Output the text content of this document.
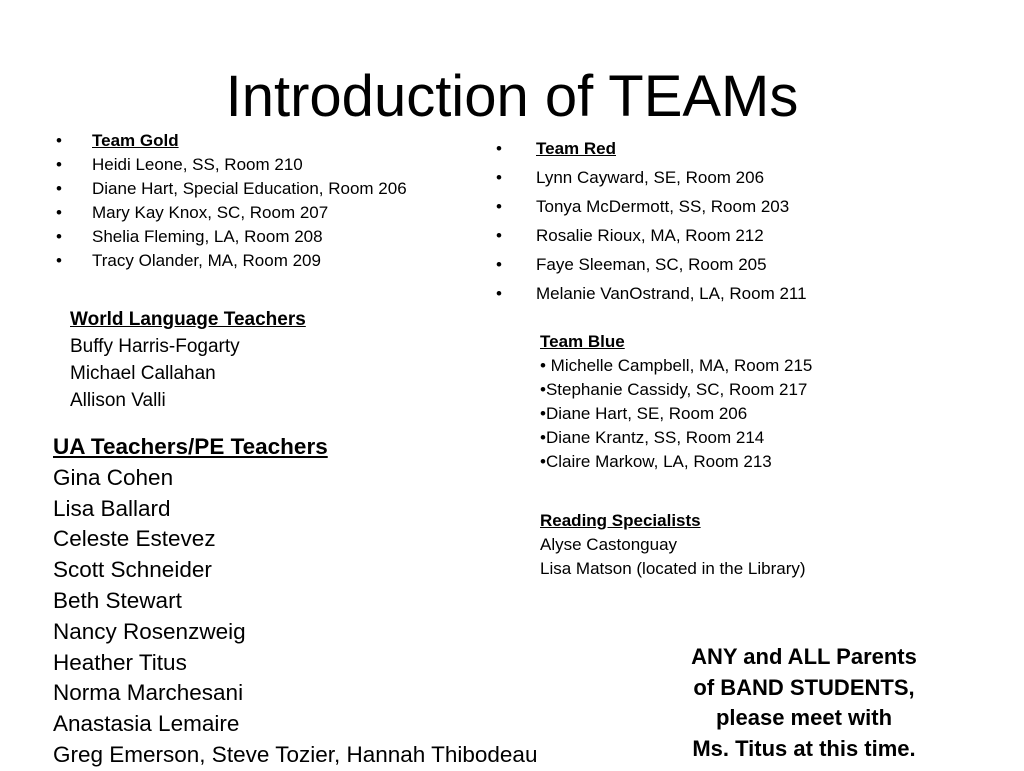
Introduction of TEAMs
• Team Gold
• Heidi Leone, SS, Room 210
• Diane Hart, Special Education, Room 206
• Mary Kay Knox, SC, Room 207
• Shelia Fleming, LA, Room 208
• Tracy Olander, MA, Room 209
• Team Red
• Lynn Cayward, SE, Room 206
• Tonya McDermott, SS, Room 203
• Rosalie Rioux, MA, Room 212
• Faye Sleeman, SC, Room 205
• Melanie VanOstrand, LA, Room 211
World Language Teachers
Buffy Harris-Fogarty
Michael Callahan
Allison Valli
UA Teachers/PE Teachers
Gina Cohen
Lisa Ballard
Celeste Estevez
Scott Schneider
Beth Stewart
Nancy Rosenzweig
Heather Titus
Norma Marchesani
Anastasia Lemaire
Greg Emerson, Steve Tozier, Hannah Thibodeau
Team Blue
• Michelle Campbell, MA, Room 215
•Stephanie Cassidy, SC, Room 217
•Diane Hart, SE, Room 206
•Diane Krantz, SS, Room 214
•Claire Markow, LA, Room 213
Reading Specialists
Alyse Castonguay
Lisa Matson (located in the Library)
ANY and ALL Parents
of BAND STUDENTS,
please meet with
Ms. Titus at this time.
